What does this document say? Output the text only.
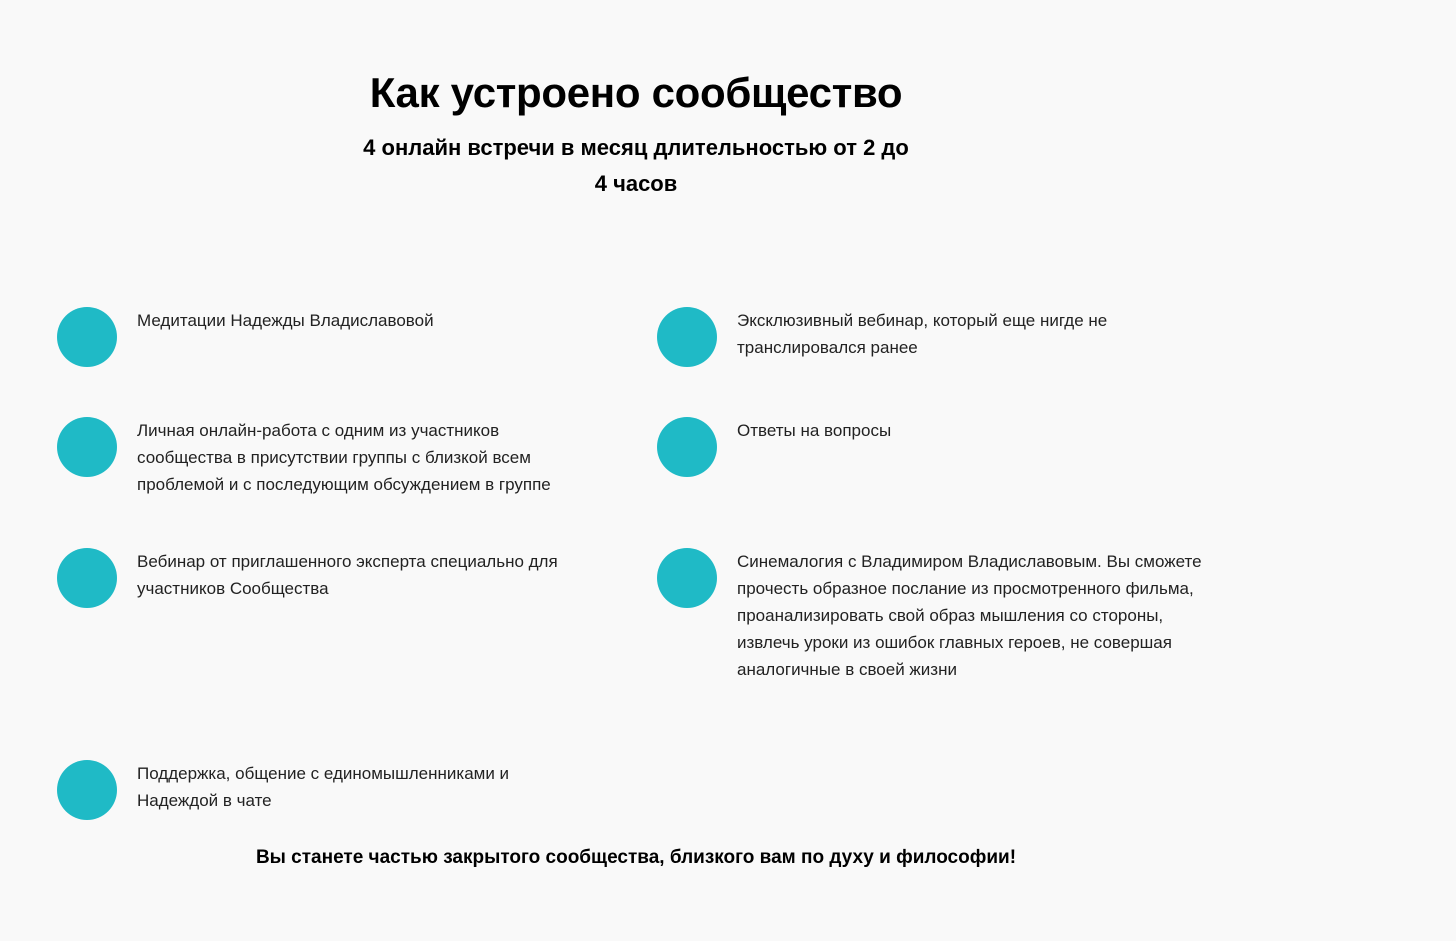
Как устроено сообщество
4 онлайн встречи в месяц длительностью от 2 до 4 часов
Медитации Надежды Владиславовой	Эксклюзивный вебинар, который еще нигде не транслировался ранее
Личная онлайн-работа с одним из участников сообщества в присутствии группы с близкой всем проблемой и с последующим обсуждением в группе
Ответы на вопросы
Вебинар от приглашенного эксперта специально для участников Сообщества
Синемалогия с Владимиром Владиславовым. Вы сможете прочесть образное послание из просмотренного фильма, проанализировать свой образ мышления со стороны, извлечь уроки из ошибок главных героев, не совершая аналогичные в своей жизни
Поддержка, общение с единомышленниками и Надеждой в чате
Вы станете частью закрытого сообщества, близкого вам по духу и философии!
